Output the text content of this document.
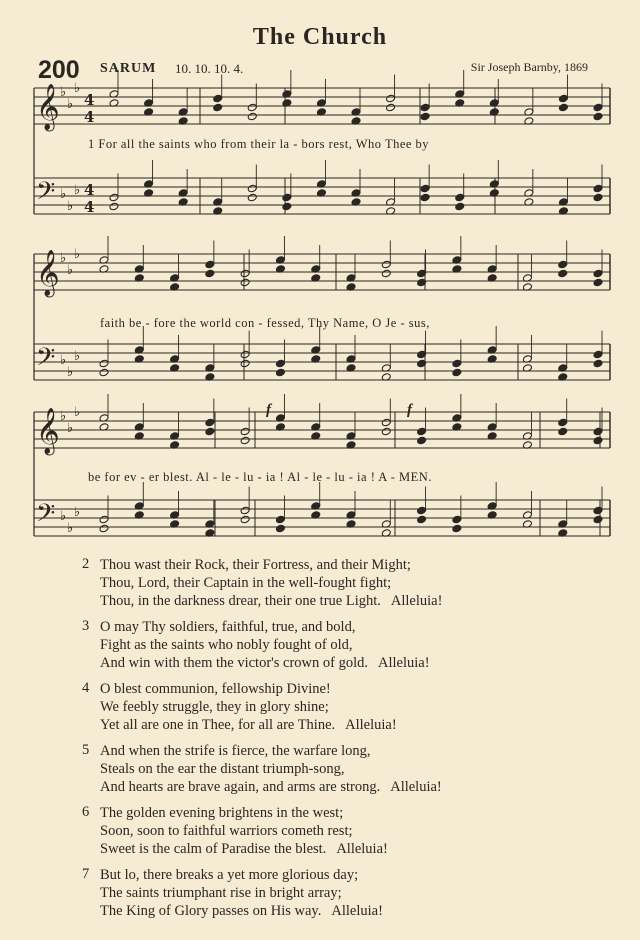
The Church
200 SARUM 10. 10. 10. 4.	Sir Joseph Barnby, 1869
𝄞 ♭
♭
♭
4
4
𝄢 ♭
♭
♭ 4
4
𝄞 ♭
♭
♭
𝄢 ♭
♭
♭
𝄞 ♭
♭
♭
𝄢 ♭
♭
♭
1 For all the saints who from their la - bors rest, Who Thee by
faith be - fore the world con - fessed, Thy Name, O Je - sus,
be for ev - er blest. Al - le - lu - ia ! Al - le - lu - ia ! A - MEN.
f	f
2 Thou wast their Rock, their Fortress, and their Might;
Thou, Lord, their Captain in the well-fought fight;
Thou, in the darkness drear, their one true Light. Alleluia!
3 O may Thy soldiers, faithful, true, and bold,
Fight as the saints who nobly fought of old,
And win with them the victor's crown of gold. Alleluia!
4 O blest communion, fellowship Divine!
We feebly struggle, they in glory shine;
Yet all are one in Thee, for all are Thine. Alleluia!
5 And when the strife is fierce, the warfare long,
Steals on the ear the distant triumph-song,
And hearts are brave again, and arms are strong. Alleluia!
6 The golden evening brightens in the west;
Soon, soon to faithful warriors cometh rest;
Sweet is the calm of Paradise the blest. Alleluia!
7 But lo, there breaks a yet more glorious day;
The saints triumphant rise in bright array;
The King of Glory passes on His way. Alleluia!
